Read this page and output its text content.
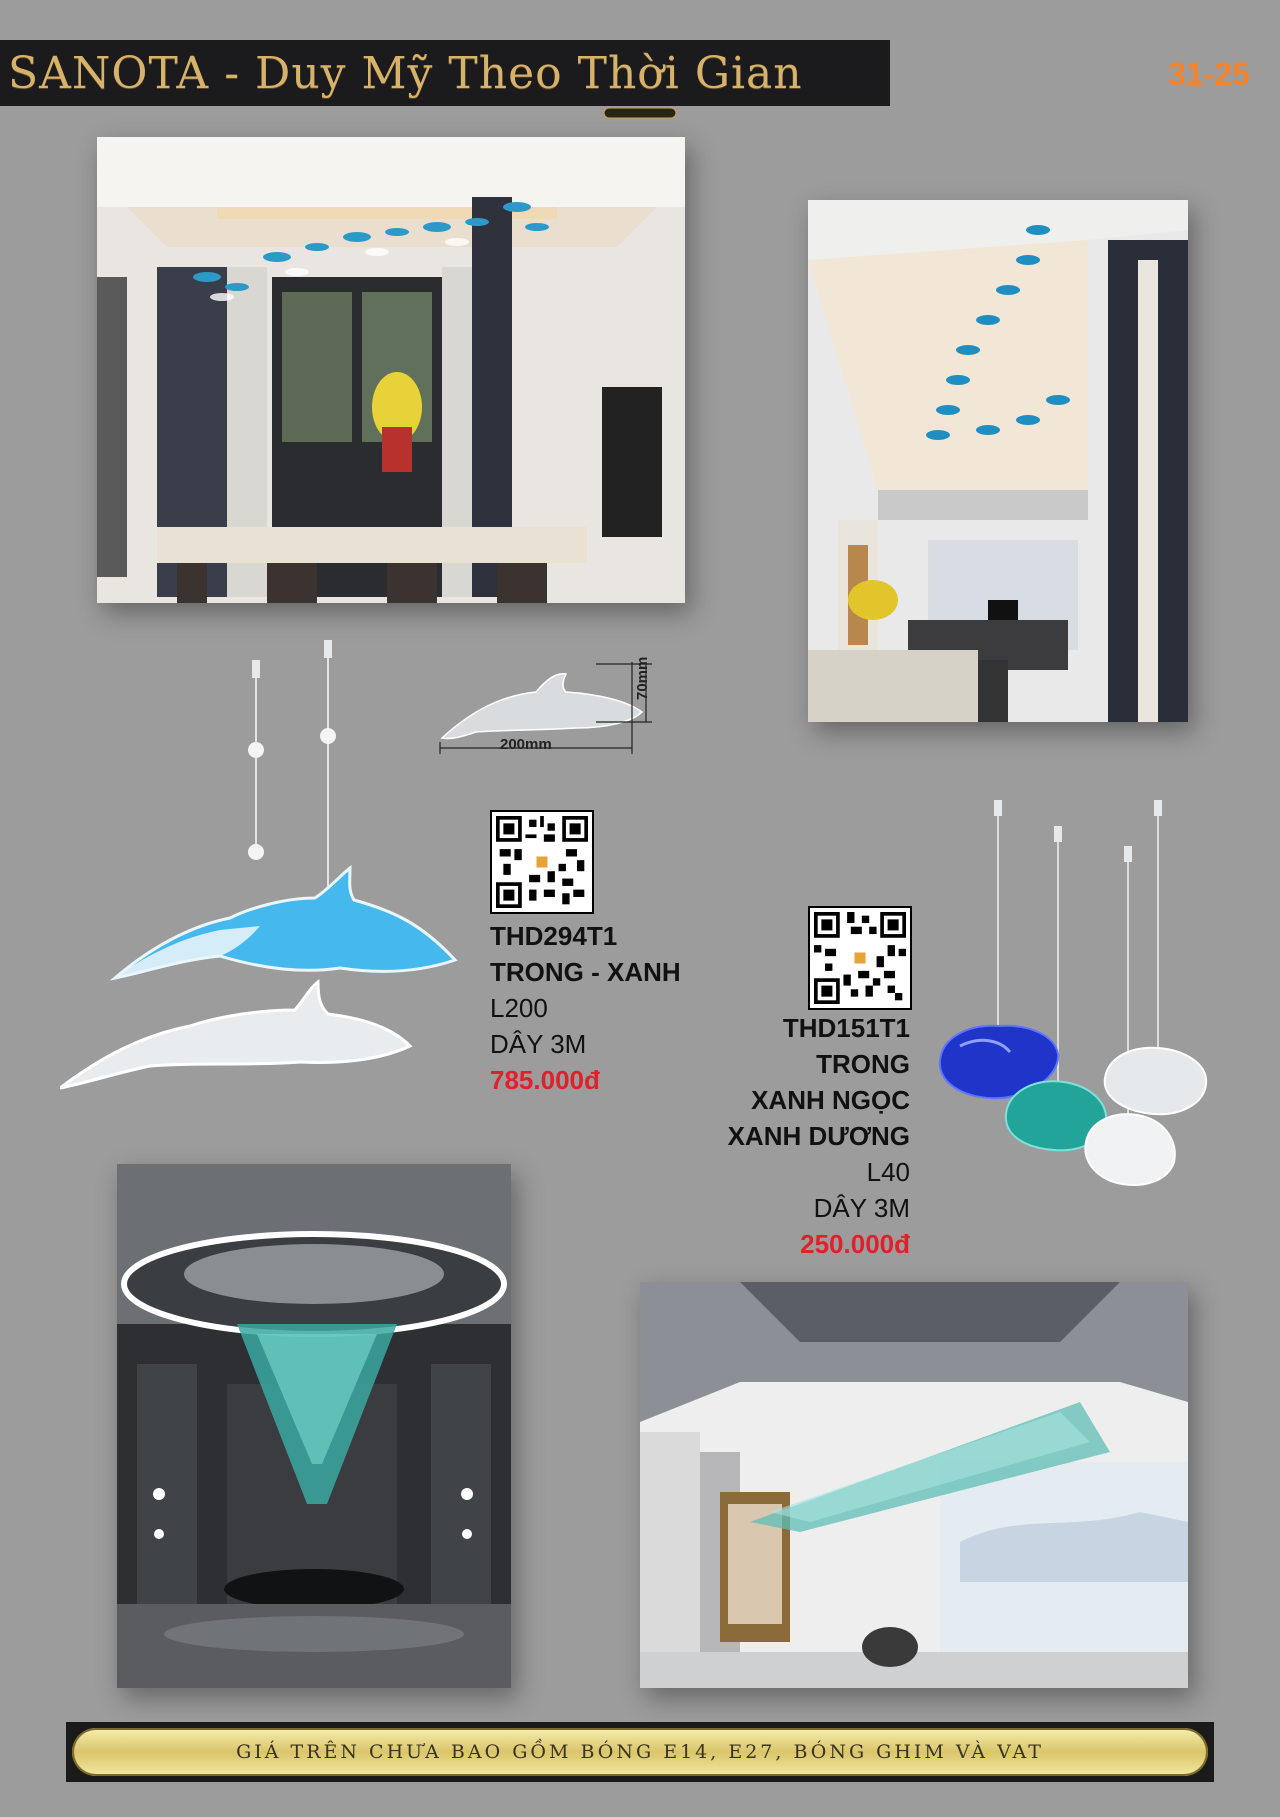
SANOTA - Duy Mỹ Theo Thời Gian	31-25
200mm
70mm
THD294T1
TRONG - XANH
L200
DÂY 3M
785.000đ
THD151T1
TRONG
XANH NGỌC
XANH DƯƠNG
L40
DÂY 3M
250.000đ
GIÁ TRÊN CHƯA BAO GỒM BÓNG E14, E27, BÓNG GHIM VÀ VAT
